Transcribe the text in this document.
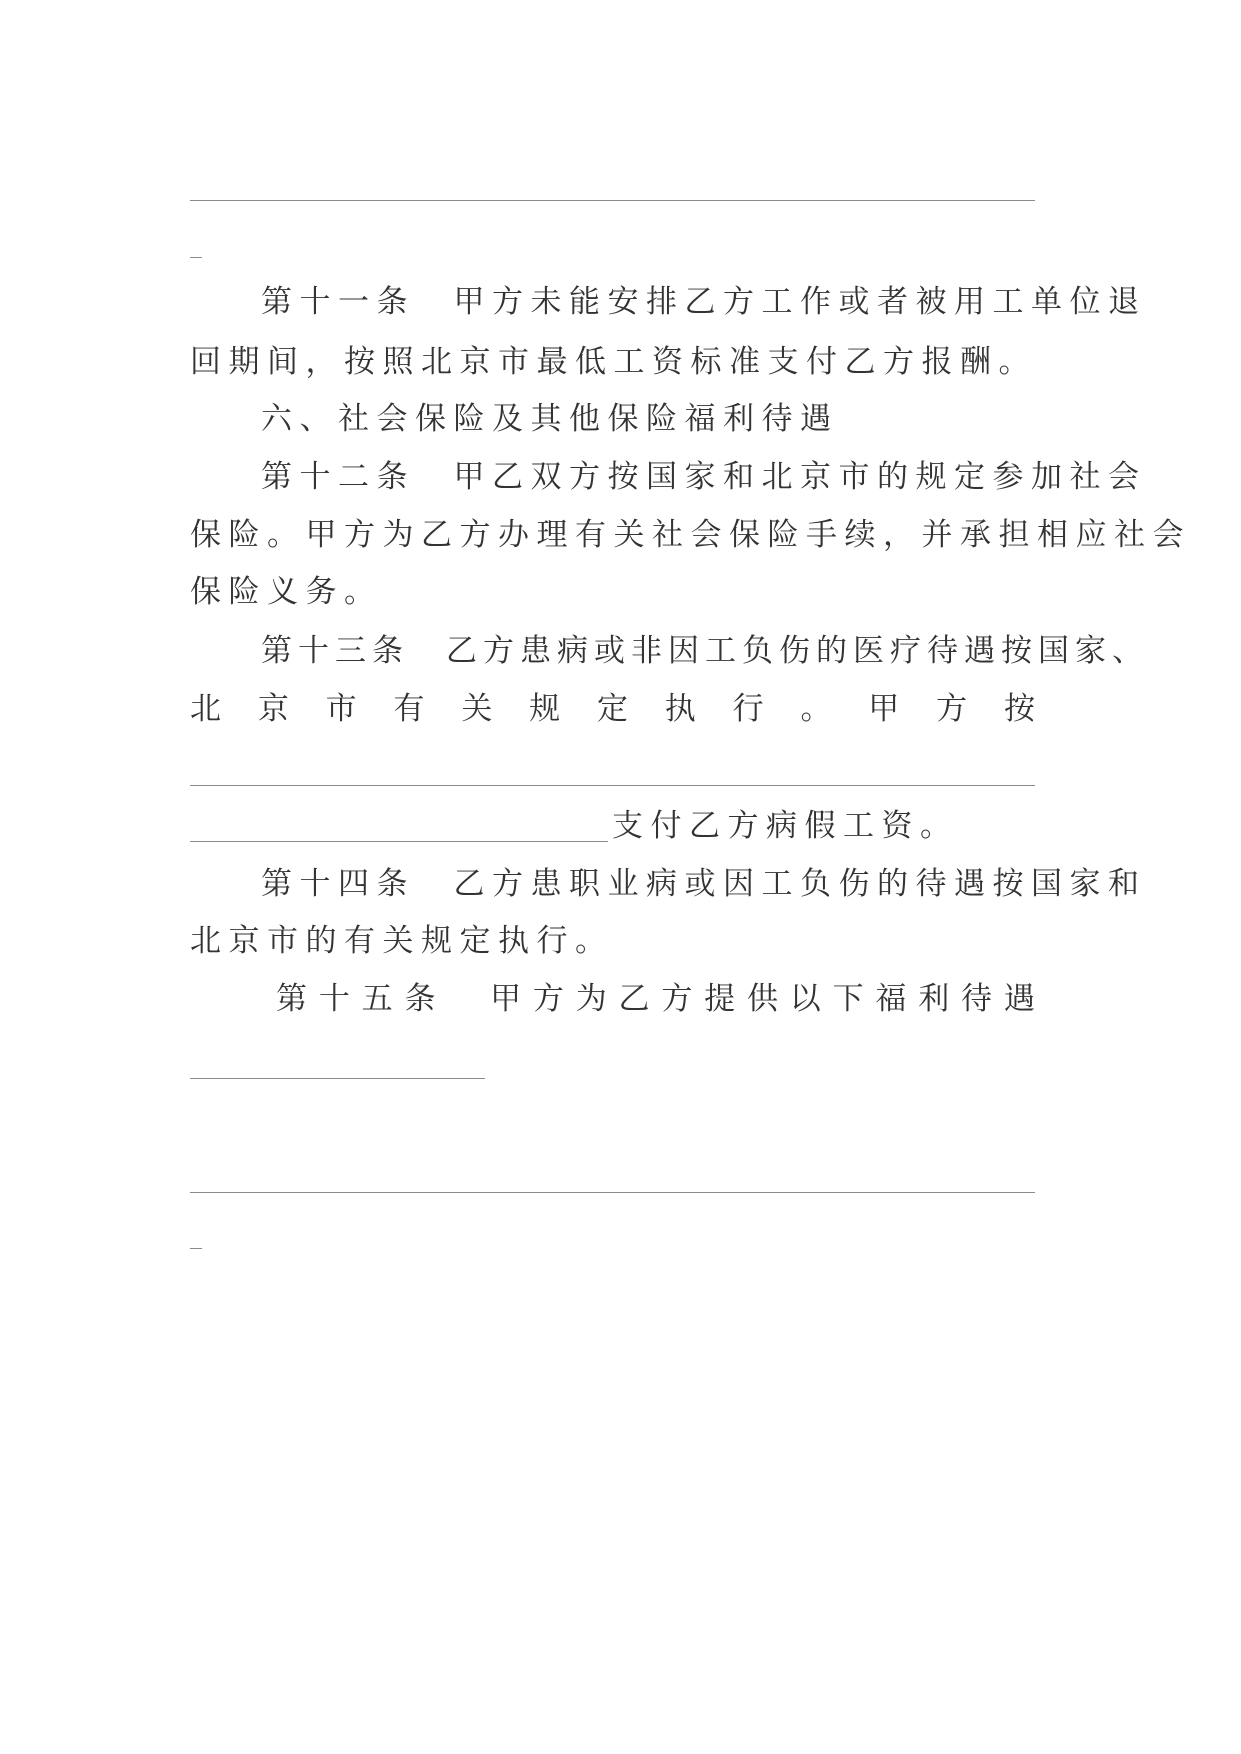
第十一条　甲方未能安排乙方工作或者被用工单位退
回期间，按照北京市最低工资标准支付乙方报酬。
六、社会保险及其他保险福利待遇
第十二条　甲乙双方按国家和北京市的规定参加社会
保险。甲方为乙方办理有关社会保险手续，并承担相应社会
保险义务。
第十三条　乙方患病或非因工负伤的医疗待遇按国家、
北 京 市 有 关 规 定 执 行 。 甲 方 按
支付乙方病假工资。
第十四条　乙方患职业病或因工负伤的待遇按国家和
北京市的有关规定执行。
第 十 五 条 甲 方 为 乙 方 提 供 以 下 福 利 待 遇
